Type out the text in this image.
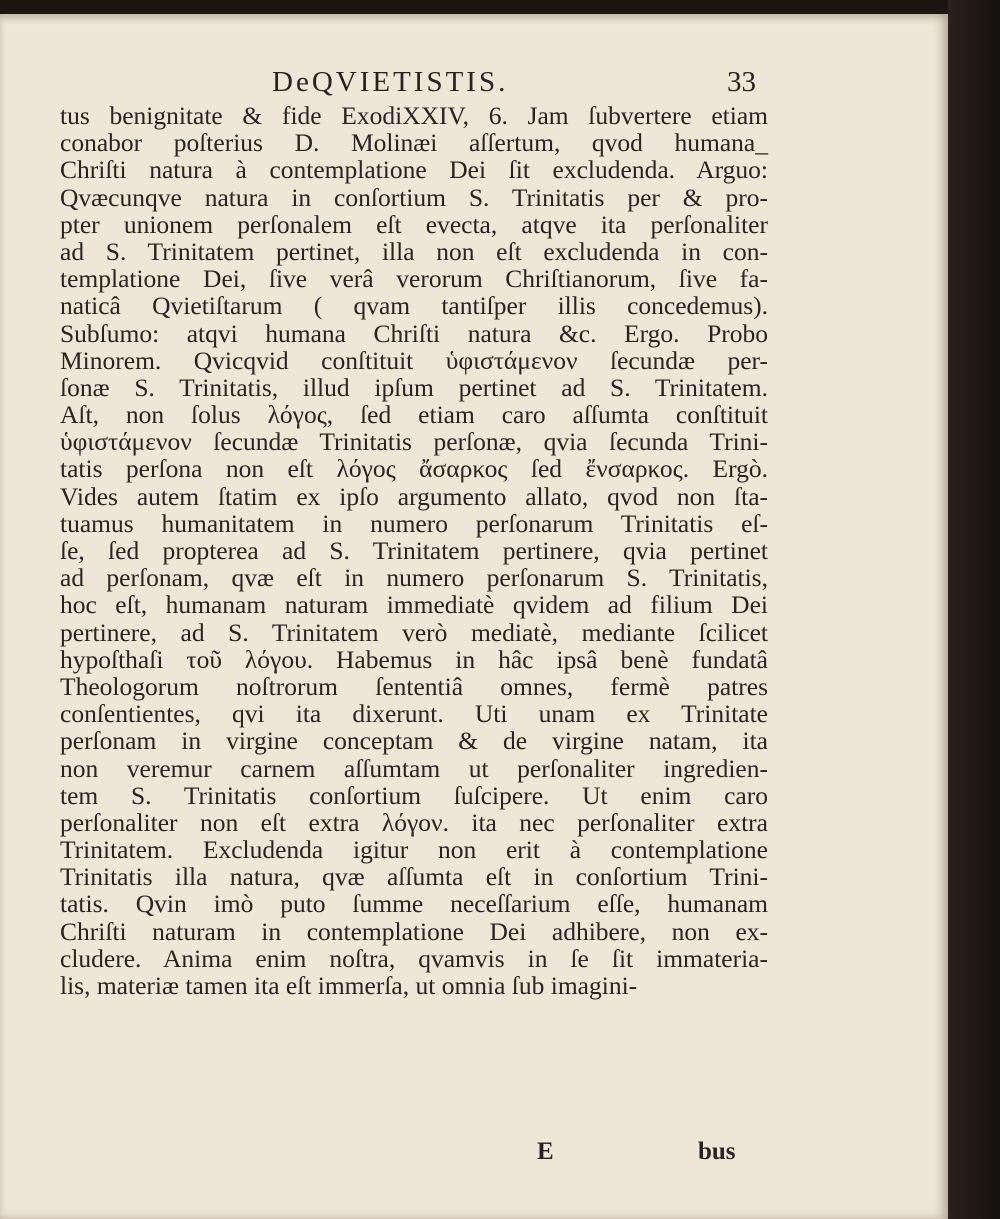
DeQVIETISTIS.	33
tus benignitate & fide ExodiXXIV, 6. Jam ſubvertere etiam
conabor poſterius D. Molinæi aſſertum, qvod humana_
Chriſti natura à contemplatione Dei ſit excludenda. Arguo:
Qvæcunqve natura in conſortium S. Trinitatis per & pro-
pter unionem perſonalem eſt evecta, atqve ita perſonaliter
ad S. Trinitatem pertinet, illa non eſt excludenda in con-
templatione Dei, ſive verâ verorum Chriſtianorum, ſive fa-
naticâ Qvietiſtarum ( qvam tantiſper illis concedemus).
Subſumo: atqvi humana Chriſti natura &c. Ergo. Probo
Minorem. Qvicqvid conſtituit ὑφιστάμενον ſecundæ per-
ſonæ S. Trinitatis, illud ipſum pertinet ad S. Trinitatem.
Aſt, non ſolus λόγος, ſed etiam caro aſſumta conſtituit
ὑφιστάμενον ſecundæ Trinitatis perſonæ, qvia ſecunda Trini-
tatis perſona non eſt λόγος ἄσαρκος ſed ἔνσαρκος. Ergò.
Vides autem ſtatim ex ipſo argumento allato, qvod non ſta-
tuamus humanitatem in numero perſonarum Trinitatis eſ-
ſe, ſed propterea ad S. Trinitatem pertinere, qvia pertinet
ad perſonam, qvæ eſt in numero perſonarum S. Trinitatis,
hoc eſt, humanam naturam immediatè qvidem ad filium Dei
pertinere, ad S. Trinitatem verò mediatè, mediante ſcilicet
hypoſthaſi τοῦ λόγου. Habemus in hâc ipsâ benè fundatâ
Theologorum noſtrorum ſententiâ omnes, fermè patres
conſentientes, qvi ita dixerunt. Uti unam ex Trinitate
perſonam in virgine conceptam & de virgine natam, ita
non veremur carnem aſſumtam ut perſonaliter ingredien-
tem S. Trinitatis conſortium ſuſcipere. Ut enim caro
perſonaliter non eſt extra λόγον. ita nec perſonaliter extra
Trinitatem. Excludenda igitur non erit à contemplatione
Trinitatis illa natura, qvæ aſſumta eſt in conſortium Trini-
tatis. Qvin imò puto ſumme neceſſarium eſſe, humanam
Chriſti naturam in contemplatione Dei adhibere, non ex-
cludere. Anima enim noſtra, qvamvis in ſe ſit immateria-
lis, materiæ tamen ita eſt immerſa, ut omnia ſub imagini-
E	bus
